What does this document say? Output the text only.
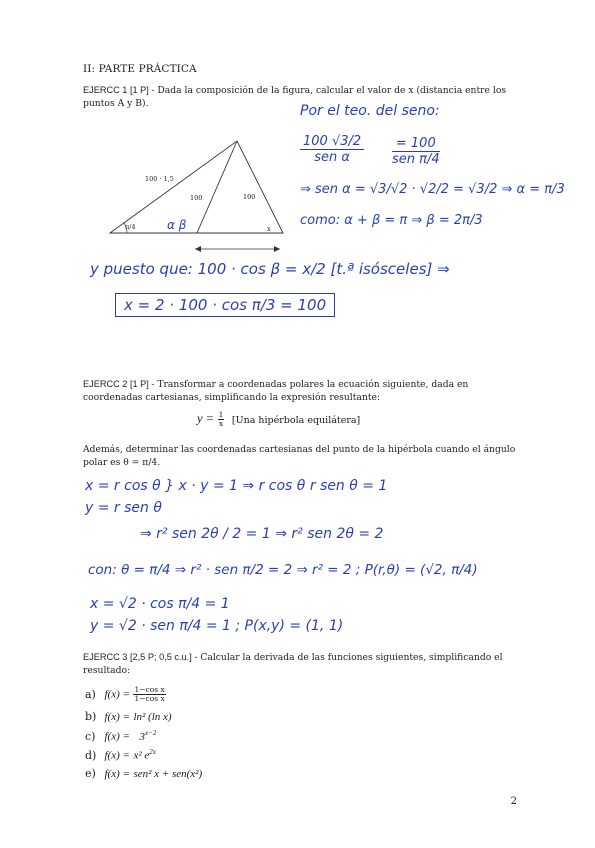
II: PARTE PRÁCTICA
EJERCC 1 [1 P] - Dada la composición de la figura, calcular el valor de x (distancia entre los puntos A y B).
100 · 1,5
100	100
π/4	x
α β
Por el teo. del seno:
100 √3/2
sen α
= 100
sen π/4
⇒ sen α = √3/√2 · √2/2 = √3/2 ⇒ α = π/3
como: α + β = π ⇒ β = 2π/3
y puesto que: 100 · cos β = x/2 [t.ª isósceles] ⇒
x = 2 · 100 · cos π/3 = 100
EJERCC 2 [1 P] - Transformar a coordenadas polares la ecuación siguiente, dada en coordenadas cartesianas, simplificando la expresión resultante:
$y = \frac{1}{x} [Una$ hipérbola equilátera]
Además, determinar las coordenadas cartesianas del punto de la hipérbola cuando el ángulo polar es θ = π/4.
x = r cos θ } x · y = 1 ⇒ r cos θ r sen θ = 1
y = r sen θ
⇒ r² sen 2θ / 2 = 1 ⇒ r² sen 2θ = 2
con: θ = π/4 ⇒ r² · sen π/2 = 2 ⇒ r² = 2 ; P(r,θ) = (√2, π/4)
x = √2 · cos π/4 = 1
y = √2 · sen π/4 = 1 ; P(x,y) = (1, 1)
EJERCC 3 [2,5 P; 0,5 c.u.] - Calcular la derivada de las funciones siguientes, simplificando el resultado:
a) $f(x) = \frac{\text{1−cos x}}{\text{1−cos x}}$
b) f(x) = ln² (ln x)
c) $f(x) = 3^{x-2}$
d) f(x) = x² $e^{2x}$
e) f(x) = sen² x + sen(x²)
2
